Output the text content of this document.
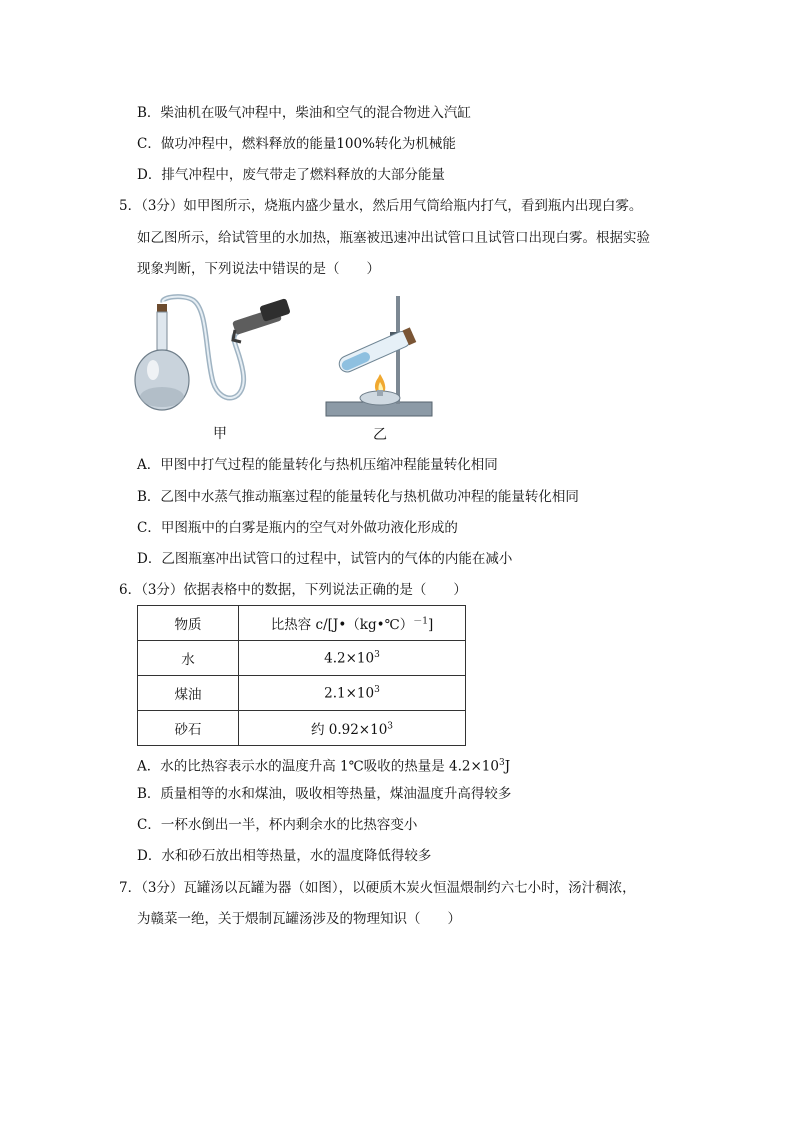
B．柴油机在吸气冲程中，柴油和空气的混合物进入汽缸
C．做功冲程中，燃料释放的能量100%转化为机械能
D．排气冲程中，废气带走了燃料释放的大部分能量
5．（3分）如甲图所示，烧瓶内盛少量水，然后用气筒给瓶内打气，看到瓶内出现白雾。
如乙图所示，给试管里的水加热，瓶塞被迅速冲出试管口且试管口出现白雾。根据实验
现象判断，下列说法中错误的是（　　）
甲	乙
A．甲图中打气过程的能量转化与热机压缩冲程能量转化相同
B．乙图中水蒸气推动瓶塞过程的能量转化与热机做功冲程的能量转化相同
C．甲图瓶中的白雾是瓶内的空气对外做功液化形成的
D．乙图瓶塞冲出试管口的过程中，试管内的气体的内能在减小
6．（3分）依据表格中的数据，下列说法正确的是（　　）
物质	比热容 c/[J•（kg•℃）$^{-1}$]
水	$4.2\times 10^3$
煤油	$2.1\times 10^3$
砂石	约 $0.92\times 10^3$
A．水的比热容表示水的温度升高 1℃吸收的热量是 $4.2\times 10^3J$
B．质量相等的水和煤油，吸收相等热量，煤油温度升高得较多
C．一杯水倒出一半，杯内剩余水的比热容变小
D．水和砂石放出相等热量，水的温度降低得较多
7．（3分）瓦罐汤以瓦罐为器（如图），以硬质木炭火恒温煨制约六七小时，汤汁稠浓，
为赣菜一绝，关于煨制瓦罐汤涉及的物理知识（　　）
